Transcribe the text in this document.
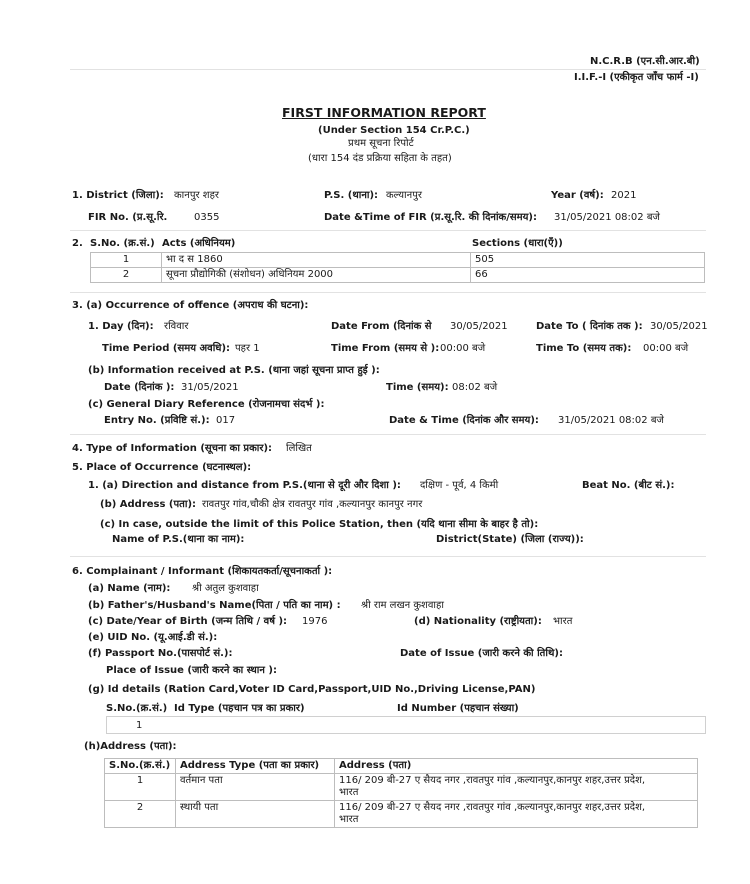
N.C.R.B (एन.सी.आर.बी)
I.I.F.-I (एकीकृत जाँच फार्म -I)
FIRST INFORMATION REPORT
(Under Section 154 Cr.P.C.)
प्रथम सूचना रिपोर्ट
(धारा 154 दंड प्रक्रिया सहिता के तहत)
1. District (जिला): कानपुर शहर	P.S. (थाना): कल्यानपुर	Year (वर्ष): 2021
FIR No. (प्र.सू.रि.	0355	Date &Time of FIR (प्र.सू.रि. की दिनांक/समय): 31/05/2021 08:02 बजे
2. S.No. (क्र.सं.) Acts (अधिनियम)	Sections (धारा(एँ))
1	भा द स 1860	505
2	सूचना प्रौद्योगिकी (संशोधन) अधिनियम 2000	66
3. (a) Occurrence of offence (अपराध की घटना):
1. Day (दिन): रविवार	Date From (दिनांक से 30/05/2021	Date To ( दिनांक तक ): 30/05/2021
Time Period (समय अवधि): पहर 1	Time From (समय से ): 00:00 बजे	Time To (समय तक): 00:00 बजे
(b) Information received at P.S. (थाना जहां सूचना प्राप्त हुई ):
Date (दिनांक ): 31/05/2021	Time (समय): 08:02 बजे
(c) General Diary Reference (रोजनामचा संदर्भ ):
Entry No. (प्रविष्टि सं.): 017	Date & Time (दिनांक और समय): 31/05/2021 08:02 बजे
4. Type of Information (सूचना का प्रकार): लिखित
5. Place of Occurrence (घटनास्थल):
1. (a) Direction and distance from P.S.(थाना से दूरी और दिशा ): दक्षिण - पूर्व, 4 किमी	Beat No. (बीट सं.):
(b) Address (पता): रावतपुर गांव,चौकी क्षेत्र रावतपुर गांव ,कल्यानपुर कानपुर नगर
(c) In case, outside the limit of this Police Station, then (यदि थाना सीमा के बाहर है तो):
Name of P.S.(थाना का नाम):	District(State) (जिला (राज्य)):
6. Complainant / Informant (शिकायतकर्ता/सूचनाकर्ता ):
(a) Name (नाम): श्री अतुल कुशवाहा
(b) Father's/Husband's Name(पिता / पति का नाम) : श्री राम लखन कुशवाहा
(c) Date/Year of Birth (जन्म तिथि / वर्ष ): 1976	(d) Nationality (राष्ट्रीयता): भारत
(e) UID No. (यू.आई.डी सं.):
(f) Passport No.(पासपोर्ट सं.):	Date of Issue (जारी करने की तिथि):
Place of Issue (जारी करने का स्थान ):
(g) Id details (Ration Card,Voter ID Card,Passport,UID No.,Driving License,PAN)
S.No.(क्र.सं.) Id Type (पहचान पत्र का प्रकार)	Id Number (पहचान संख्या)
1
(h)Address (पता):
S.No.(क्र.सं.)	Address Type (पता का प्रकार)	Address (पता)
1	वर्तमान पता	116/ 209 बी-27 ए सैयद नगर ,रावतपुर गांव ,कल्यानपुर,कानपुर शहर,उत्तर प्रदेश,
भारत

2	स्थायी पता	116/ 209 बी-27 ए सैयद नगर ,रावतपुर गांव ,कल्यानपुर,कानपुर शहर,उत्तर प्रदेश,
भारत
